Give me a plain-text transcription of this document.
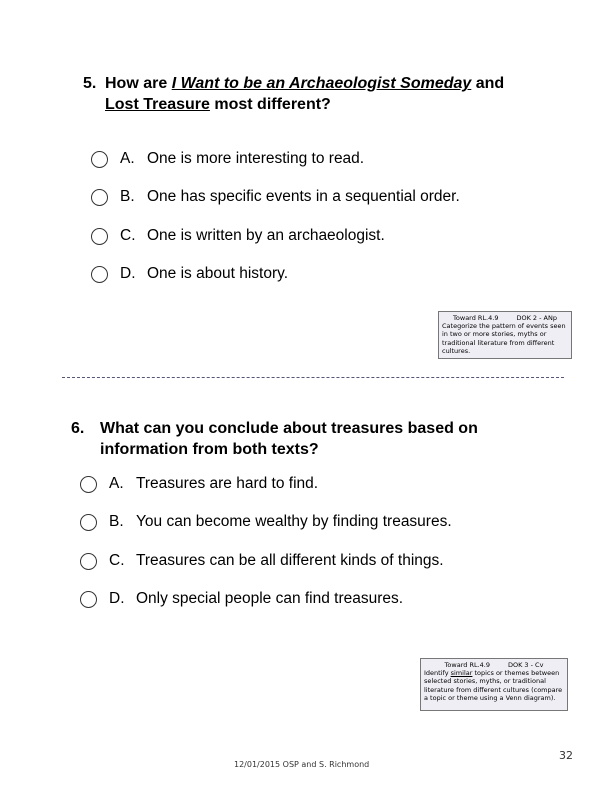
5. How are I Want to be an Archaeologist Someday and
Lost Treasure most different?

A. One is more interesting to read.
B. One has specific events in a sequential order.
C. One is written by an archaeologist.
D. One is about history.
Toward RL.4.9	DOK 2 - ANp
Categorize the pattern of events seen in two or more stories, myths or traditional literature from different cultures.
6. What can you conclude about treasures based on
information from both texts?

A. Treasures are hard to find.
B. You can become wealthy by finding treasures.
C. Treasures can be all different kinds of things.
D. Only special people can find treasures.
Toward RL.4.9	DOK 3 - Cv
Identify similar topics or themes between selected stories, myths, or traditional literature from different cultures (compare a topic or theme using a Venn diagram).
12/01/2015 OSP and S. Richmond
32
